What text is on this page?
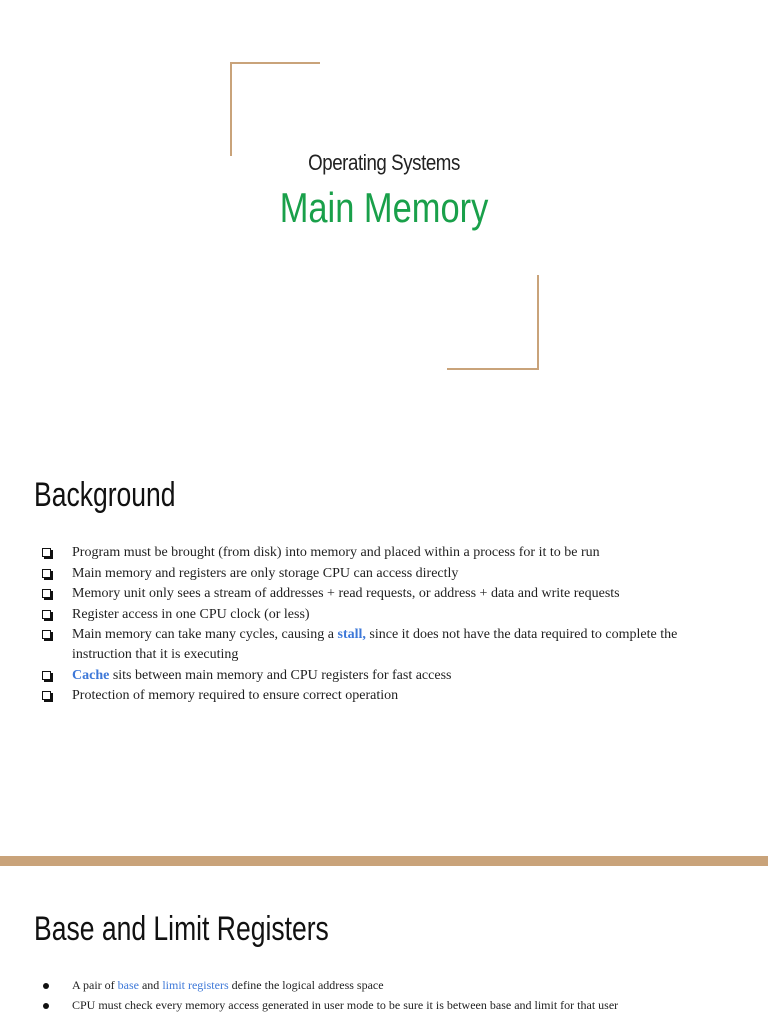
Operating Systems
Main Memory
Background
Program must be brought (from disk) into memory and placed within a process for it to be run
Main memory and registers are only storage CPU can access directly
Memory unit only sees a stream of addresses + read requests, or address + data and write requests
Register access in one CPU clock (or less)
Main memory can take many cycles, causing a stall, since it does not have the data required to complete the instruction that it is executing
Cache sits between main memory and CPU registers for fast access
Protection of memory required to ensure correct operation
Base and Limit Registers
A pair of base and limit registers define the logical address space
CPU must check every memory access generated in user mode to be sure it is between base and limit for that user
